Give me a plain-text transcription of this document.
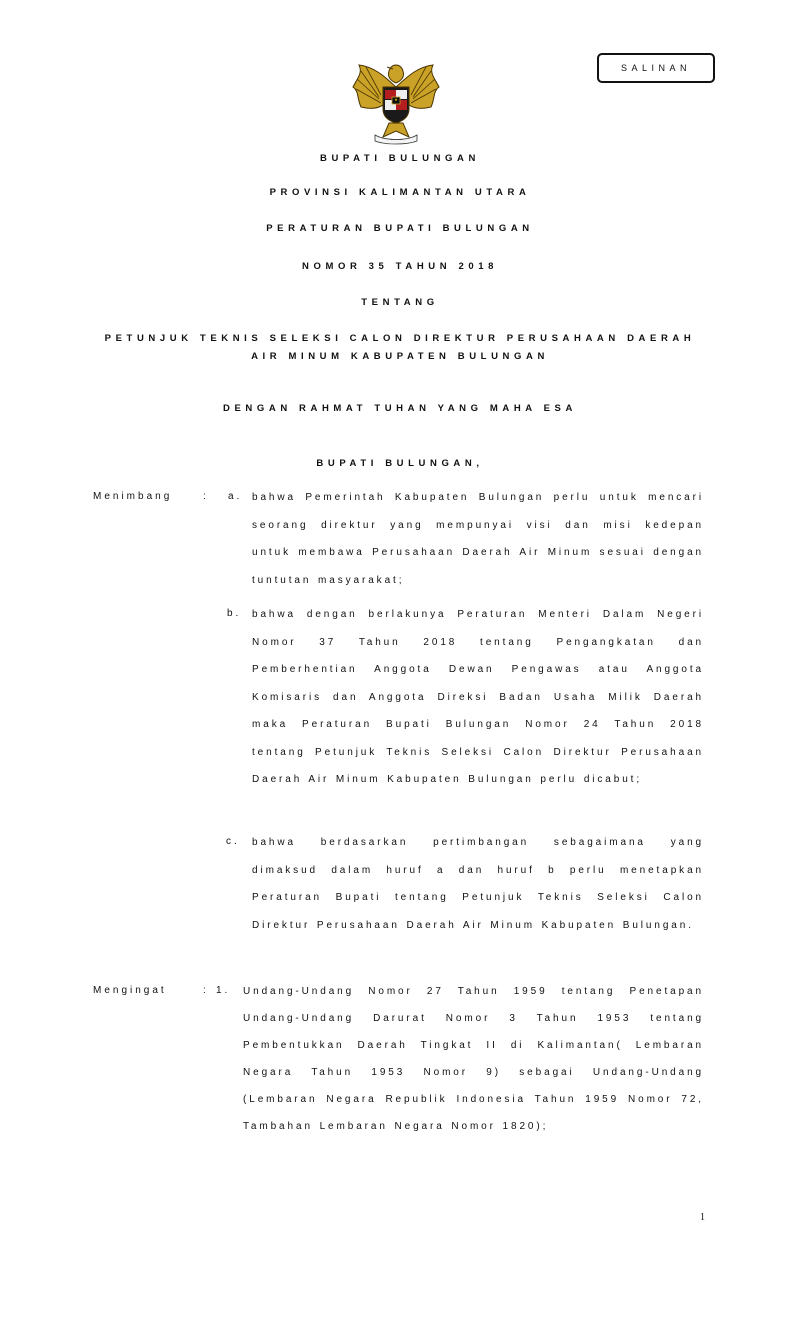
SALINAN
~~~~~
BUPATI BULUNGAN
PROVINSI KALIMANTAN UTARA
PERATURAN BUPATI BULUNGAN
NOMOR 35 TAHUN 2018
TENTANG
PETUNJUK TEKNIS SELEKSI CALON DIREKTUR PERUSAHAAN DAERAH
AIR MINUM KABUPATEN BULUNGAN
DENGAN RAHMAT TUHAN YANG MAHA ESA
BUPATI BULUNGAN,
Menimbang	: a. bahwa Pemerintah Kabupaten Bulungan perlu untuk mencari seorang direktur yang mempunyai visi dan misi kedepan untuk membawa Perusahaan Daerah Air Minum sesuai dengan tuntutan masyarakat;
b. bahwa dengan berlakunya Peraturan Menteri Dalam Negeri Nomor 37 Tahun 2018 tentang Pengangkatan dan Pemberhentian Anggota Dewan Pengawas atau Anggota Komisaris dan Anggota Direksi Badan Usaha Milik Daerah maka Peraturan Bupati Bulungan Nomor 24 Tahun 2018 tentang Petunjuk Teknis Seleksi Calon Direktur Perusahaan Daerah Air Minum Kabupaten Bulungan perlu dicabut;
c. bahwa berdasarkan pertimbangan sebagaimana yang dimaksud dalam huruf a dan huruf b perlu menetapkan Peraturan Bupati tentang Petunjuk Teknis Seleksi Calon Direktur Perusahaan Daerah Air Minum Kabupaten Bulungan.
Mengingat	: 1. Undang-Undang Nomor 27 Tahun 1959 tentang Penetapan Undang-Undang Darurat Nomor 3 Tahun 1953 tentang Pembentukkan Daerah Tingkat II di Kalimantan( Lembaran Negara Tahun 1953 Nomor 9) sebagai Undang-Undang (Lembaran Negara Republik Indonesia Tahun 1959 Nomor 72, Tambahan Lembaran Negara Nomor 1820);
1
